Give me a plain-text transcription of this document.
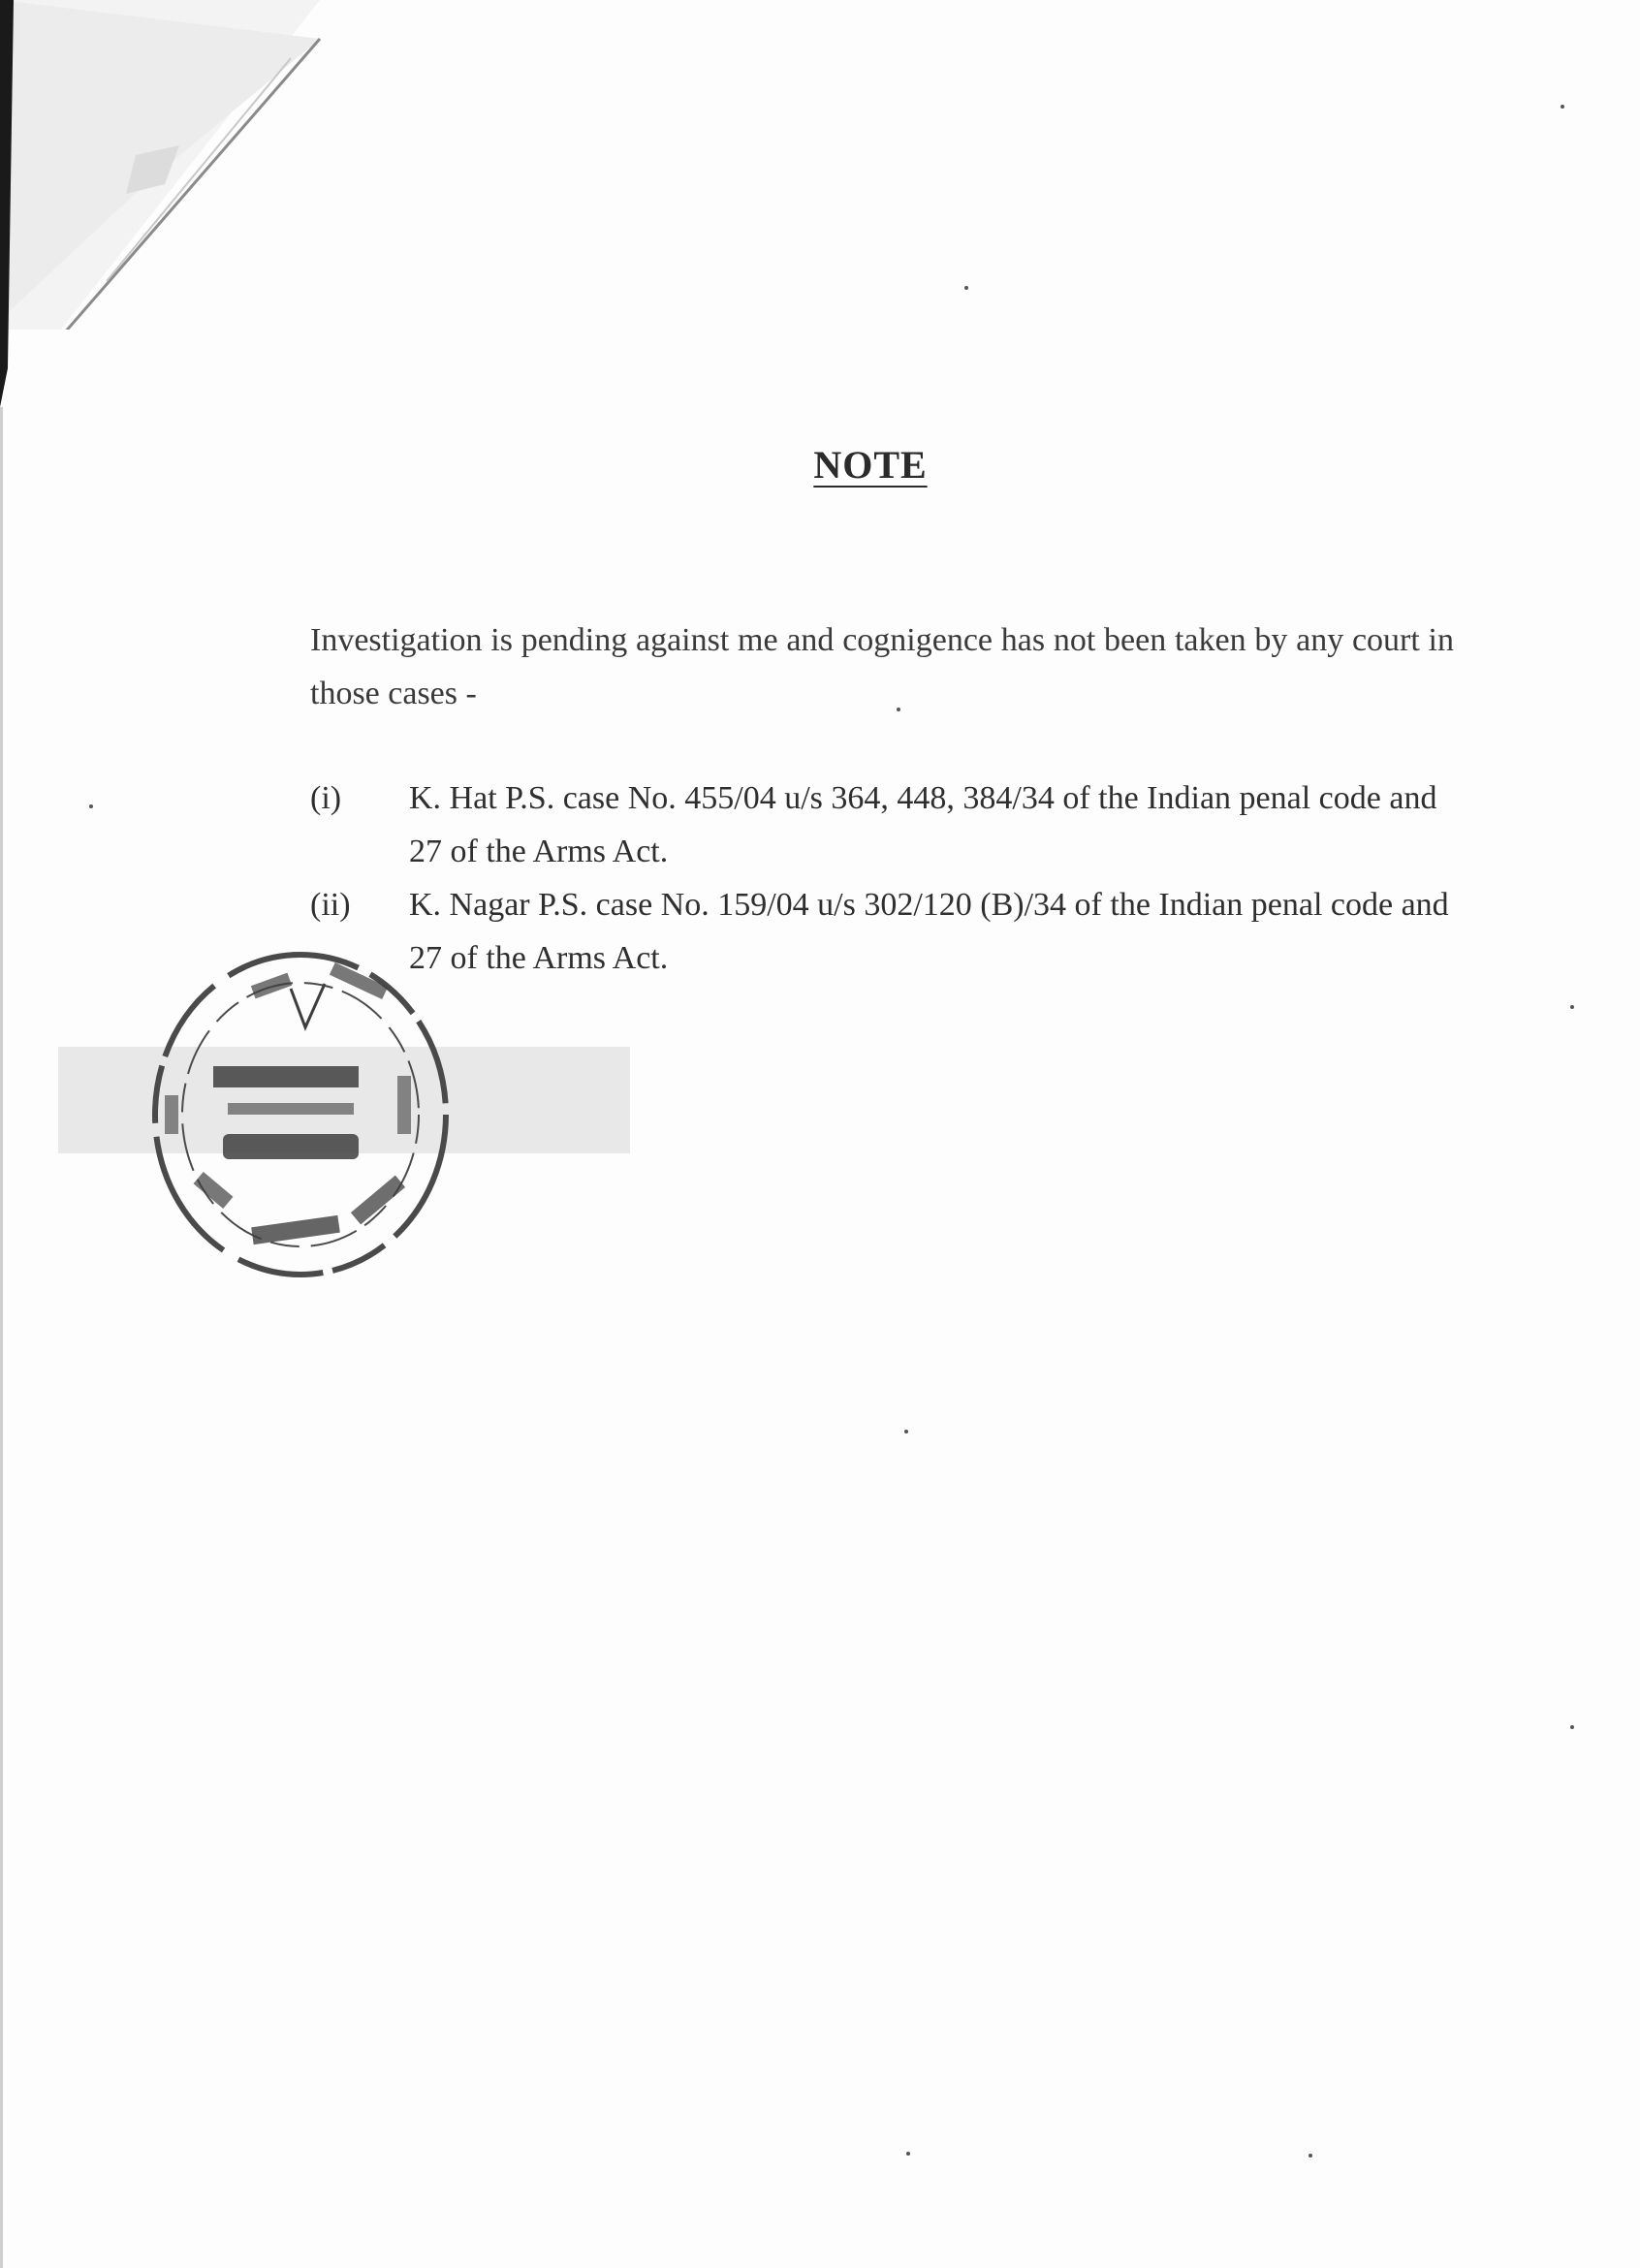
NOTE
Investigation is pending against me and cognigence has not been taken by any court in those cases -
(i)	K. Hat P.S. case No. 455/04 u/s 364, 448, 384/34 of the Indian penal code and 27 of the Arms Act.
(ii)	K. Nagar P.S. case No. 159/04 u/s 302/120 (B)/34 of the Indian penal code and 27 of the Arms Act.
